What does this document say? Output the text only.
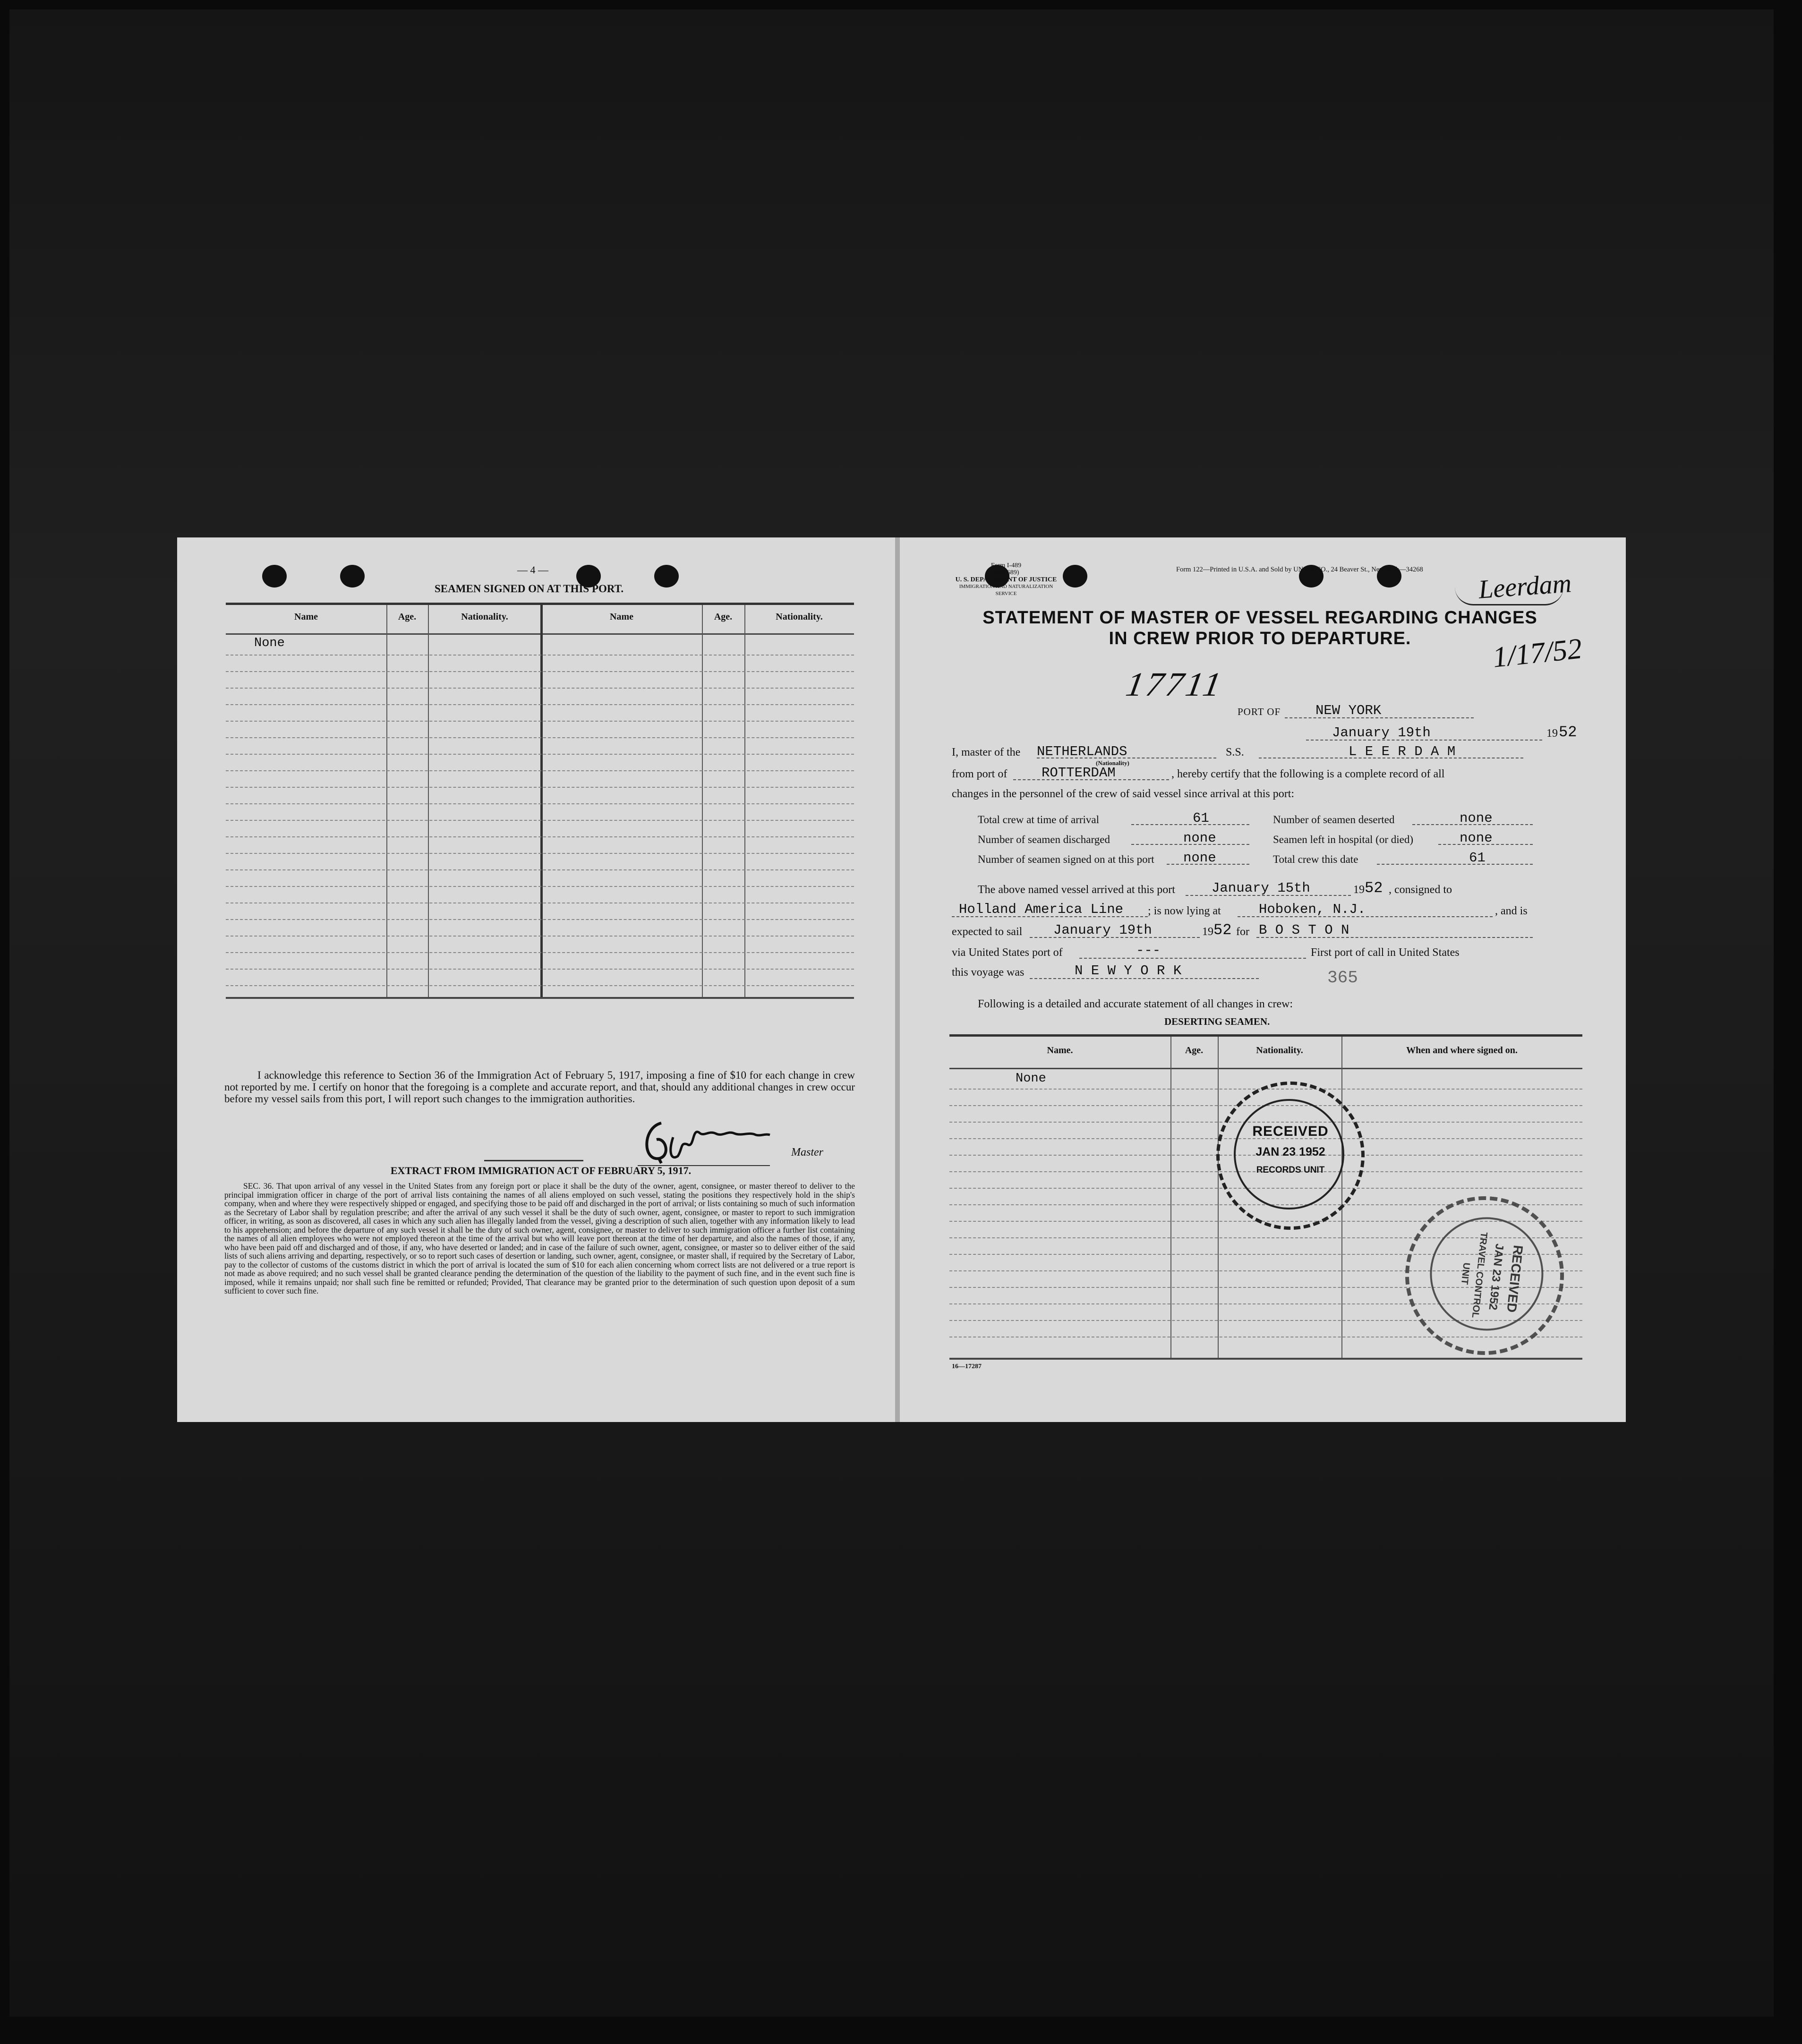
— 4 —
SEAMEN SIGNED ON AT THIS PORT.
Name	Age.	Nationality.	Name	Age.	Nationality.
None
I acknowledge this reference to Section 36 of the Immigration Act of February 5, 1917, imposing a fine of $10 for each change in crew not reported by me. I certify on honor that the foregoing is a complete and accurate report, and that, should any additional changes in crew occur before my vessel sails from this port, I will report such changes to the immigration authorities.
Master
EXTRACT FROM IMMIGRATION ACT OF FEBRUARY 5, 1917.
SEC. 36. That upon arrival of any vessel in the United States from any foreign port or place it shall be the duty of the owner, agent, consignee, or master thereof to deliver to the principal immigration officer in charge of the port of arrival lists containing the names of all aliens employed on such vessel, stating the positions they respectively hold in the ship's company, when and where they were respectively shipped or engaged, and specifying those to be paid off and discharged in the port of arrival; or lists containing so much of such information as the Secretary of Labor shall by regulation prescribe; and after the arrival of any such vessel it shall be the duty of such owner, agent, consignee, or master to report to such immigration officer, in writing, as soon as discovered, all cases in which any such alien has illegally landed from the vessel, giving a description of such alien, together with any information likely to lead to his apprehension; and before the departure of any such vessel it shall be the duty of such owner, agent, consignee, or master to deliver to such immigration officer a further list containing the names of all alien employees who were not employed thereon at the time of the arrival but who will leave port thereon at the time of her departure, and also the names of those, if any, who have been paid off and discharged and of those, if any, who have deserted or landed; and in case of the failure of such owner, agent, consignee, or master so to deliver either of the said lists of such aliens arriving and departing, respectively, or so to report such cases of desertion or landing, such owner, agent, consignee, or master shall, if required by the Secretary of Labor, pay to the collector of customs of the customs district in which the port of arrival is located the sum of $10 for each alien concerning whom correct lists are not delivered or a true report is not made as above required; and no such vessel shall be granted clearance pending the determination of the question of the liability to the payment of such fine, and in the event such fine is imposed, while it remains unpaid; nor shall such fine be remitted or refunded; Provided, That clearance may be granted prior to the determination of such question upon deposit of a sum sufficient to cover such fine.
Form I-489
(Old 689)
U. S. DEPARTMENT OF JUSTICE
IMMIGRATION AND NATURALIZATION SERVICE
Form 122—Printed in U.S.A. and Sold by UNZ & CO., 24 Beaver St., New York—34268	Leerdam
STATEMENT OF MASTER OF VESSEL REGARDING CHANGES
IN CREW PRIOR TO DEPARTURE.	1/17/52
17711
PORT OF	NEW YORK
January 19th	19 52
I, master of the NETHERLANDS
(Nationality)
S.S.	L E E R D A M
from port of	ROTTERDAM	, hereby certify that the following is a complete record of all
changes in the personnel of the crew of said vessel since arrival at this port:
Total crew at time of arrival	61	Number of seamen deserted	none
Number of seamen discharged	none	Seamen left in hospital (or died)	none
Number of seamen signed on at this port none	Total crew this date	61
The above named vessel arrived at this port	January 15th	19 52 , consigned to
Holland America Line ; is now lying at	Hoboken, N.J.	, and is
expected to sail January 19th	19 52 for B O S T O N
via United States port of	---	First port of call in United States
this voyage was	N E W Y O R K	365
Following is a detailed and accurate statement of all changes in crew:
DESERTING SEAMEN.
Name.	Age.	Nationality.	When and where signed on.
None
16—17287
RECEIVED
JAN 23 1952
RECORDS UNIT
RECEIVED
JAN 23 1952
TRAVEL CONTROL
UNIT
